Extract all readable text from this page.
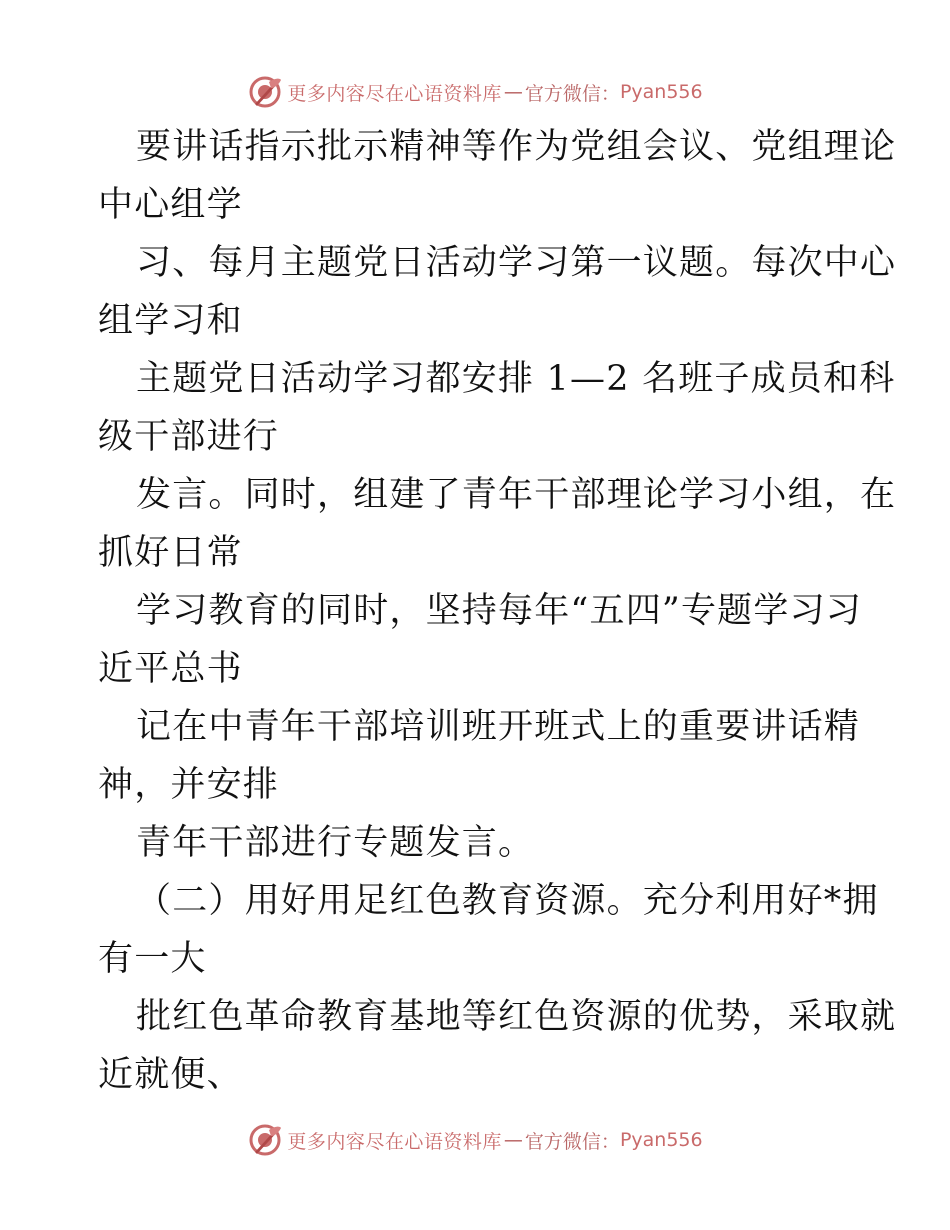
更多内容尽在心语资料库 — 官方微信： Pyan556
要讲话指示批示精神等作为党组会议、党组理论
中心组学
习、每月主题党日活动学习第一议题。每次中心
组学习和
主题党日活动学习都安排 1—2 名班子成员和科
级干部进行
发言。同时，组建了青年干部理论学习小组，在
抓好日常
学习教育的同时，坚持每年“五四”专题学习习
近平总书
记在中青年干部培训班开班式上的重要讲话精
神，并安排
青年干部进行专题发言。
（二）用好用足红色教育资源。充分利用好*拥
有一大
批红色革命教育基地等红色资源的优势，采取就
近就便、
更多内容尽在心语资料库 — 官方微信： Pyan556
